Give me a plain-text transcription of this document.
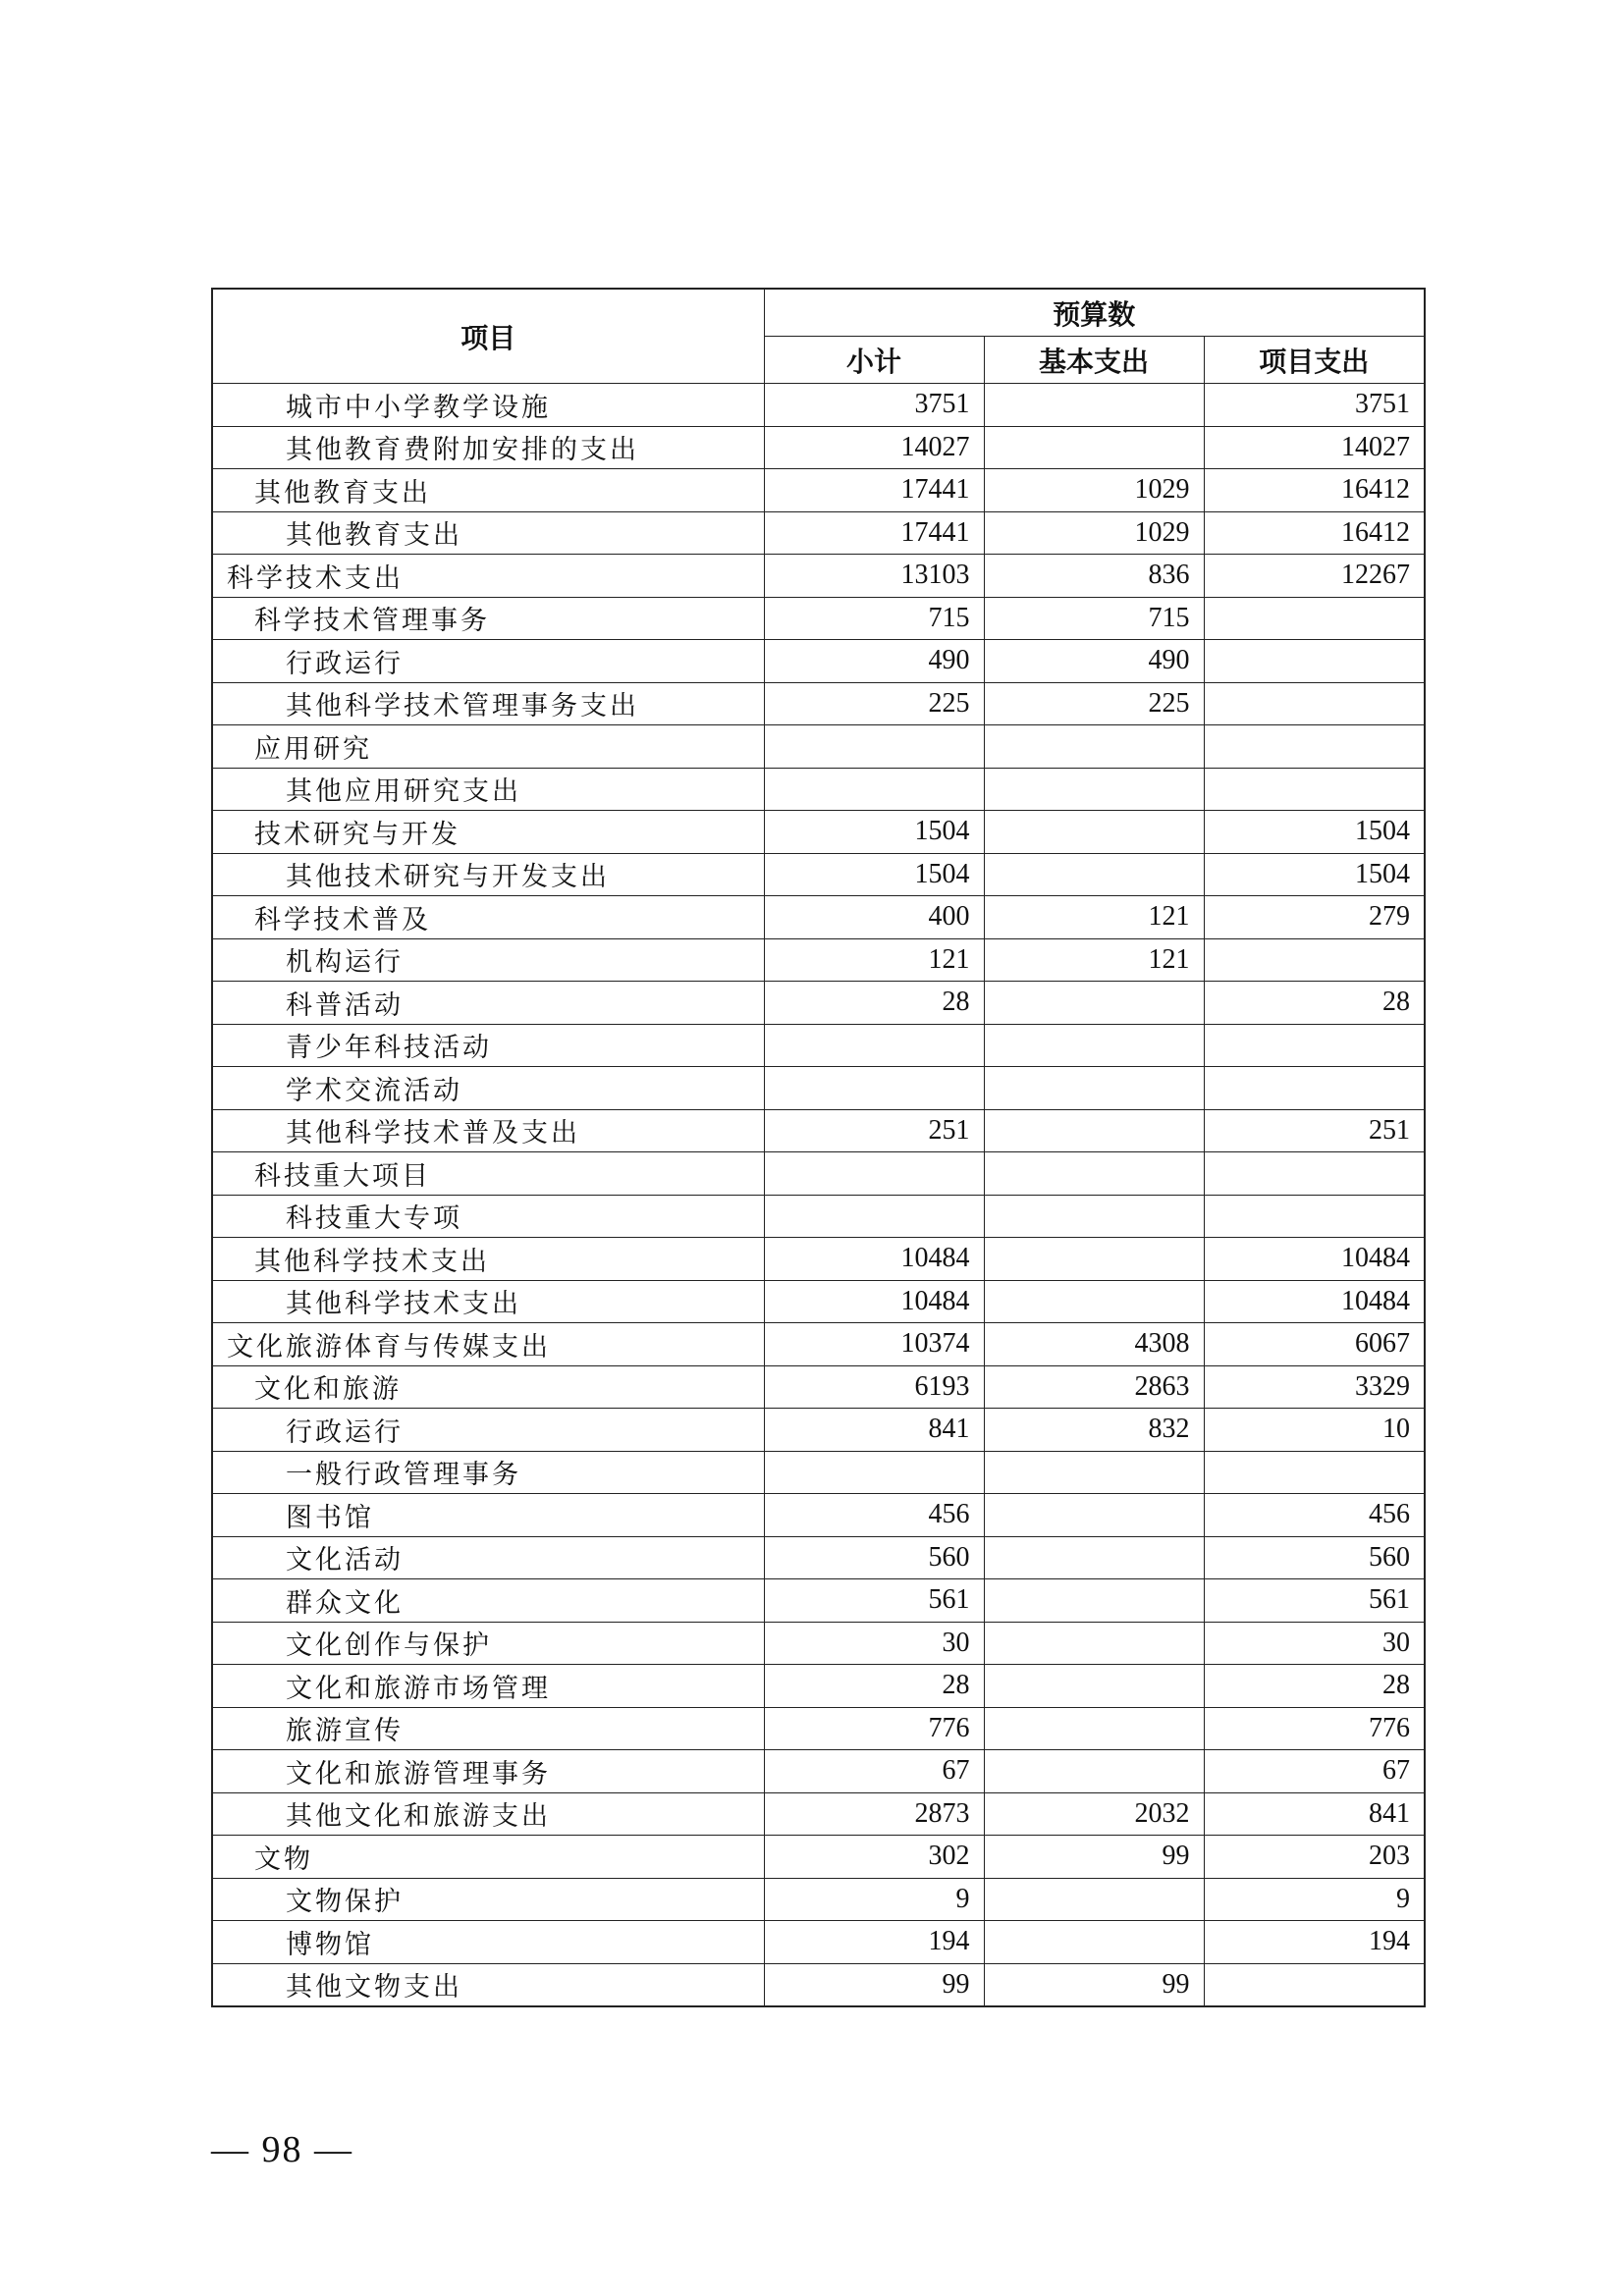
项目	预算数		
	小计	基本支出	项目支出
城市中小学教学设施	3751		3751
其他教育费附加安排的支出	14027		14027
其他教育支出	17441	1029	16412
其他教育支出	17441	1029	16412
科学技术支出	13103	836	12267
科学技术管理事务	715	715	
行政运行	490	490	
其他科学技术管理事务支出	225	225	
应用研究			
其他应用研究支出			
技术研究与开发	1504		1504
其他技术研究与开发支出	1504		1504
科学技术普及	400	121	279
机构运行	121	121	
科普活动	28		28
青少年科技活动			
学术交流活动			
其他科学技术普及支出	251		251
科技重大项目			
科技重大专项			
其他科学技术支出	10484		10484
其他科学技术支出	10484		10484
文化旅游体育与传媒支出	10374	4308	6067
文化和旅游	6193	2863	3329
行政运行	841	832	10
一般行政管理事务			
图书馆	456		456
文化活动	560		560
群众文化	561		561
文化创作与保护	30		30
文化和旅游市场管理	28		28
旅游宣传	776		776
文化和旅游管理事务	67		67
其他文化和旅游支出	2873	2032	841
文物	302	99	203
文物保护	9		9
博物馆	194		194
其他文物支出	99	99	
— 98 —
